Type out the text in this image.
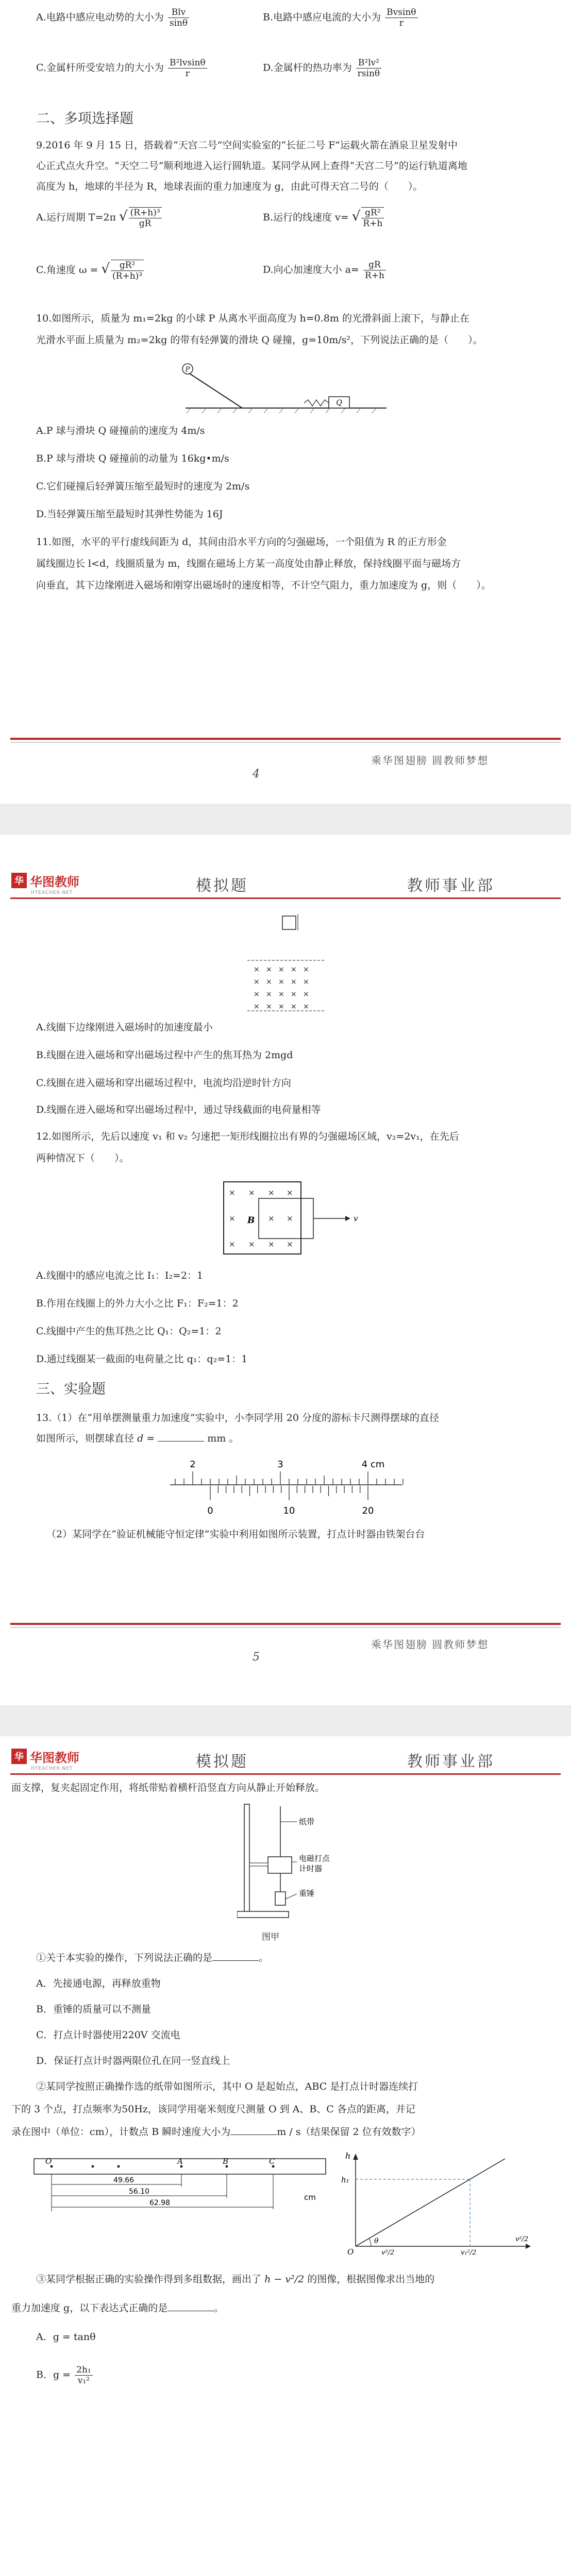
A.电路中感应电动势的大小为 $\frac{\text{Blv}}{\sin\theta}$	B.电路中感应电流的大小为 $\frac{Bvsin\theta}{r}$
C.金属杆所受安培力的大小为 $\frac{\text{B²lvsinθ}}{r}$	D.金属杆的热功率为 $\frac{\text{B²lv²}}{rsin\theta}$
二、多项选择题
9.2016 年 9 月 15 日，搭载着“天宫二号”空间实验室的“长征二号 F”运载火箭在酒泉卫星发射中
心正式点火升空。“天空二号”顺利地进入运行圆轨道。某同学从网上查得“天宫二号”的运行轨道离地
高度为 h，地球的半径为 R，地球表面的重力加速度为 g，由此可得天宫二号的（　　）。
A.运行周期 T=2π √ $\frac{\text{(R+h)³}}{gR}$	B.运行的线速度 v= √ $\frac{\text{gR²}}{R+h}$
C.角速度 ω = √ $\frac{\text{gR²}}{\text{(R+h)³}}$	D.向心加速度大小 $a= \frac{gR}{R+h}$
10.如图所示，质量为 m₁=2kg 的小球 P 从离水平面高度为 h=0.8m 的光滑斜面上滚下，与静止在
光滑水平面上质量为 m₂=2kg 的带有轻弹簧的滑块 Q 碰撞，g=10m/s²，下列说法正确的是（　　）。
P
Q
A.P 球与滑块 Q 碰撞前的速度为 4m/s
B.P 球与滑块 Q 碰撞前的动量为 16kg•m/s
C.它们碰撞后轻弹簧压缩至最短时的速度为 2m/s
D.当轻弹簧压缩至最短时其弹性势能为 16J
11.如图，水平的平行虚线间距为 d，其间由沿水平方向的匀强磁场，一个阻值为 R 的正方形金
属线圈边长 l<d，线圈质量为 m，线圈在磁场上方某一高度处由静止释放，保持线圈平面与磁场方
向垂直，其下边缘刚进入磁场和刚穿出磁场时的速度相等，不计空气阻力，重力加速度为 g，则（　　）。
乘华图翅膀 圆教师梦想
4
华 华图教师
HTEACHER.NET	模拟题	教师事业部
× × × × ×
× × × × ×
× × × × ×
× × × × ×
A.线圈下边缘刚进入磁场时的加速度最小
B.线圈在进入磁场和穿出磁场过程中产生的焦耳热为 2mgd
C.线圈在进入磁场和穿出磁场过程中，电流均沿逆时针方向
D.线圈在进入磁场和穿出磁场过程中，通过导线截面的电荷量相等
12.如图所示，先后以速度 v₁ 和 v₂ 匀速把一矩形线圈拉出有界的匀强磁场区域，v₂=2v₁，在先后
两种情况下（　　）。
× × × ×
×	× ×
× × × ×
B	v
A.线圈中的感应电流之比 I₁：I₂=2：1
B.作用在线圈上的外力大小之比 F₁：F₂=1：2
C.线圈中产生的焦耳热之比 Q₁：Q₂=1：2
D.通过线圈某一截面的电荷量之比 q₁：q₂=1：1
三、实验题
13.（1）在“用单摆测量重力加速度”实验中，小李同学用 20 分度的游标卡尺测得摆球的直径
如图所示，则摆球直径 d =	mm 。
2	3	4 cm
0	10	20
（2）某同学在“验证机械能守恒定律”实验中利用如图所示装置，打点计时器由铁架台台
乘华图翅膀 圆教师梦想
5
华 华图教师
HTEACHER.NET	模拟题	教师事业部
面支撑，复夹起固定作用，将纸带贴着横杆沿竖直方向从静止开始释放。
纸带
电磁打点
计时器
重锤
图甲
①关于本实验的操作，下列说法正确的是	。
A．先接通电源，再释放重物
B．重锤的质量可以不测量
C．打点计时器使用220V 交流电
D．保证打点计时器两限位孔在同一竖直线上
②某同学按照正确操作选的纸带如图所示，其中 O 是起始点，ABC 是打点计时器连续打
下的 3 个点，打点频率为50Hz，该同学用毫米刻度尺测量 O 到 A、B、C 各点的距离，并记
录在图中（单位：cm），计数点 B 瞬时速度大小为	m / s（结果保留 2 位有效数字）
O	A	B	C
49.66
56.10
62.98
cm
h
h₁
O	v²/2	v₁²/2
v²/2
θ
③某同学根据正确的实验操作得到多组数据，画出了 h − v²/2 的图像，根据图像求出当地的
重力加速度 g，以下表达式正确的是	。
A．g = tanθ
B．$g = \frac{\text{2h₁}}{\text{v₁²}}$
